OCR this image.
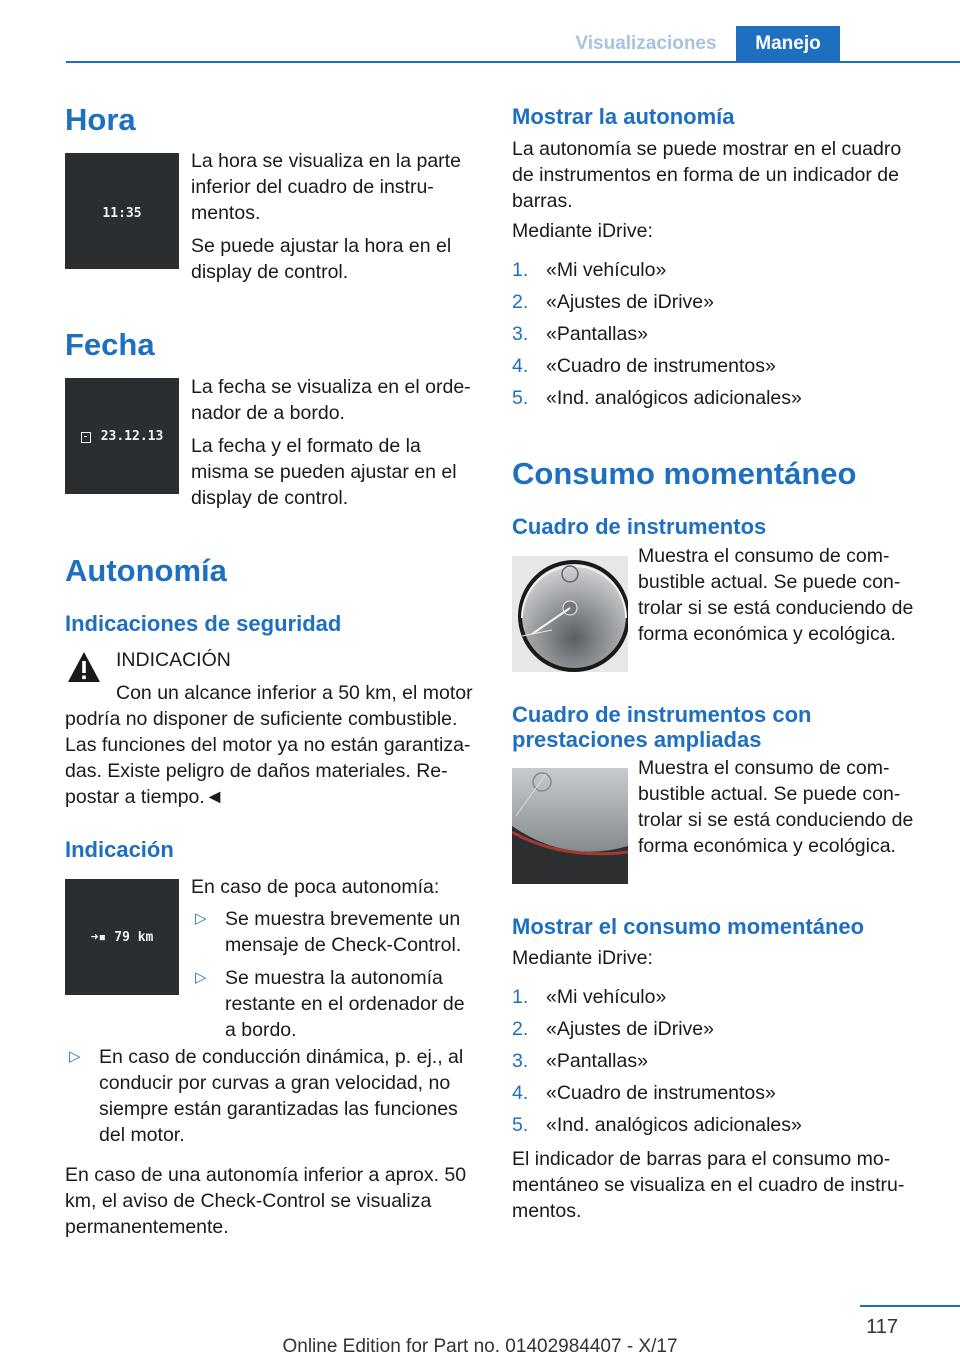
Visualizaciones	Manejo
Hora
11:35

La hora se visualiza en la parte inferior del cuadro de instrumentos.

Se puede ajustar la hora en el display de control.

Fecha
23.12.13

La fecha se visualiza en el ordenador de a bordo.

La fecha y el formato de la misma se pueden ajustar en el display de control.

Autonomía
Indicaciones de seguridad
INDICACIÓN
Con un alcance inferior a 50 km, el motor podría no disponer de suficiente combustible. Las funciones del motor ya no están garantizadas. Existe peligro de daños materiales. Repostar a tiempo.◄
Indicación
➜▪ 79 km
En caso de poca autonomía:
▷ Se muestra brevemente un mensaje de Check-Control.
▷ Se muestra la autonomía restante en el ordenador de a bordo.
▷ En caso de conducción dinámica, p. ej., al conducir por curvas a gran velocidad, no siempre están garantizadas las funciones del motor.
En caso de una autonomía inferior a aprox. 50 km, el aviso de Check-Control se visualiza permanentemente.
Mostrar la autonomía
La autonomía se puede mostrar en el cuadro de instrumentos en forma de un indicador de barras.
Mediante iDrive:
1. «Mi vehículo»
2. «Ajustes de iDrive»
3. «Pantallas»
4. «Cuadro de instrumentos»
5. «Ind. analógicos adicionales»
Consumo momentáneo
Cuadro de instrumentos
Muestra el consumo de combustible actual. Se puede controlar si se está conduciendo de forma económica y ecológica.
Cuadro de instrumentos con
prestaciones ampliadas
Muestra el consumo de combustible actual. Se puede controlar si se está conduciendo de forma económica y ecológica.
Mostrar el consumo momentáneo
Mediante iDrive:
1. «Mi vehículo»
2. «Ajustes de iDrive»
3. «Pantallas»
4. «Cuadro de instrumentos»
5. «Ind. analógicos adicionales»
El indicador de barras para el consumo momentáneo se visualiza en el cuadro de instrumentos.
117
Online Edition for Part no. 01402984407 - X/17
